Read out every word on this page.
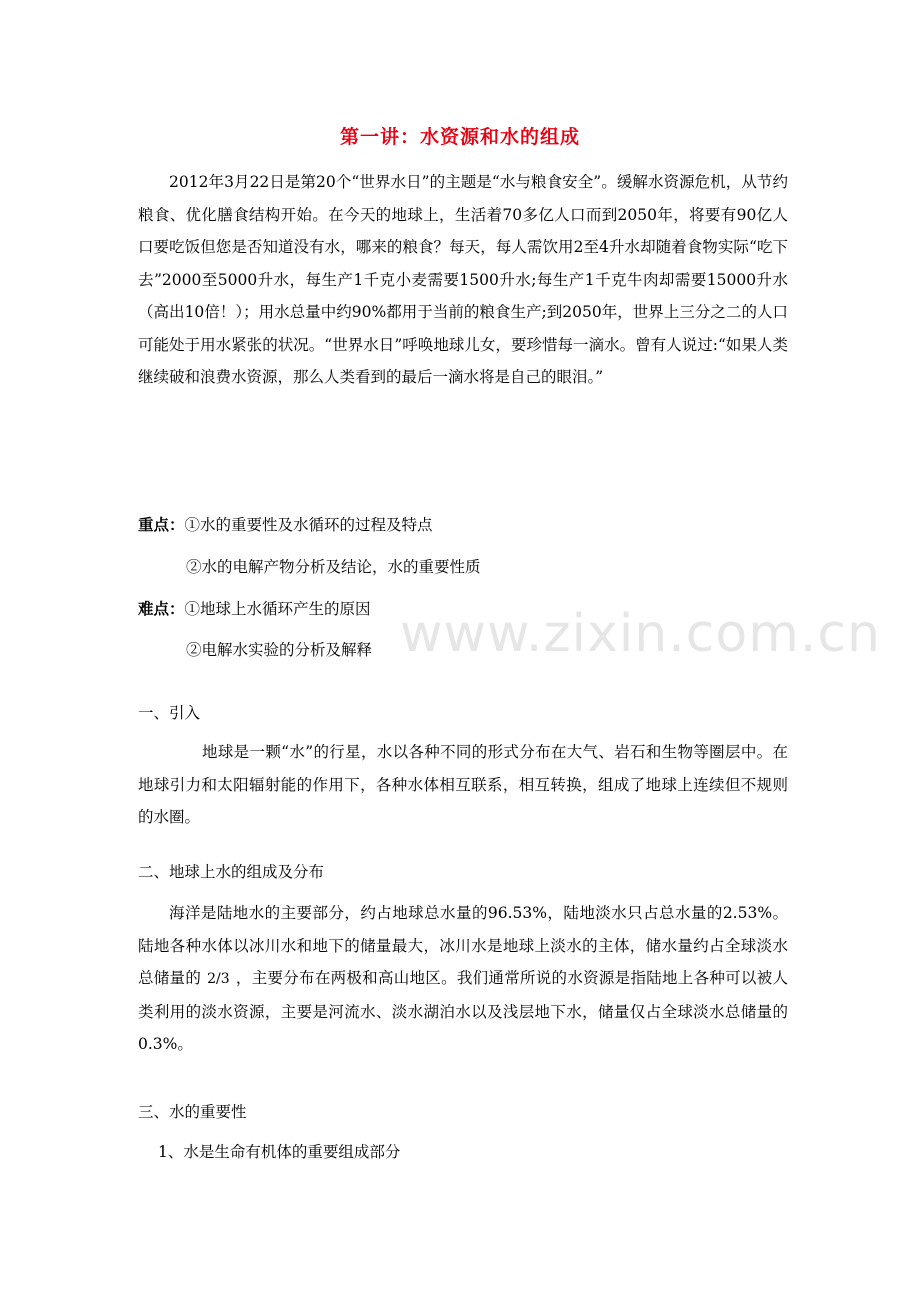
第一讲：水资源和水的组成
2012年3月22日是第20个“世界水日”的主题是“水与粮食安全”。缓解水资源危机，从节约粮食、优化膳食结构开始。在今天的地球上，生活着70多亿人口而到2050年，将要有90亿人口要吃饭但您是否知道没有水，哪来的粮食？每天，每人需饮用2至4升水却随着食物实际“吃下去”2000至5000升水，每生产1千克小麦需要1500升水;每生产1千克牛肉却需要15000升水（高出10倍！）；用水总量中约90%都用于当前的粮食生产;到2050年，世界上三分之二的人口可能处于用水紧张的状况。“世界水日”呼唤地球儿女，要珍惜每一滴水。曾有人说过:“如果人类继续破和浪费水资源，那么人类看到的最后一滴水将是自己的眼泪。”
重点：①水的重要性及水循环的过程及特点
②水的电解产物分析及结论，水的重要性质
难点：①地球上水循环产生的原因
②电解水实验的分析及解释 www.zixin.com.cn
一、引入
地球是一颗“水”的行星，水以各种不同的形式分布在大气、岩石和生物等圈层中。在地球引力和太阳辐射能的作用下，各种水体相互联系，相互转换，组成了地球上连续但不规则的水圈。
二、地球上水的组成及分布
海洋是陆地水的主要部分，约占地球总水量的96.53%，陆地淡水只占总水量的2.53%。陆地各种水体以冰川水和地下的储量最大，冰川水是地球上淡水的主体，储水量约占全球淡水总储量的 2/3 ，主要分布在两极和高山地区。我们通常所说的水资源是指陆地上各种可以被人类利用的淡水资源，主要是河流水、淡水湖泊水以及浅层地下水，储量仅占全球淡水总储量的0.3%。
三、水的重要性
1、水是生命有机体的重要组成部分
